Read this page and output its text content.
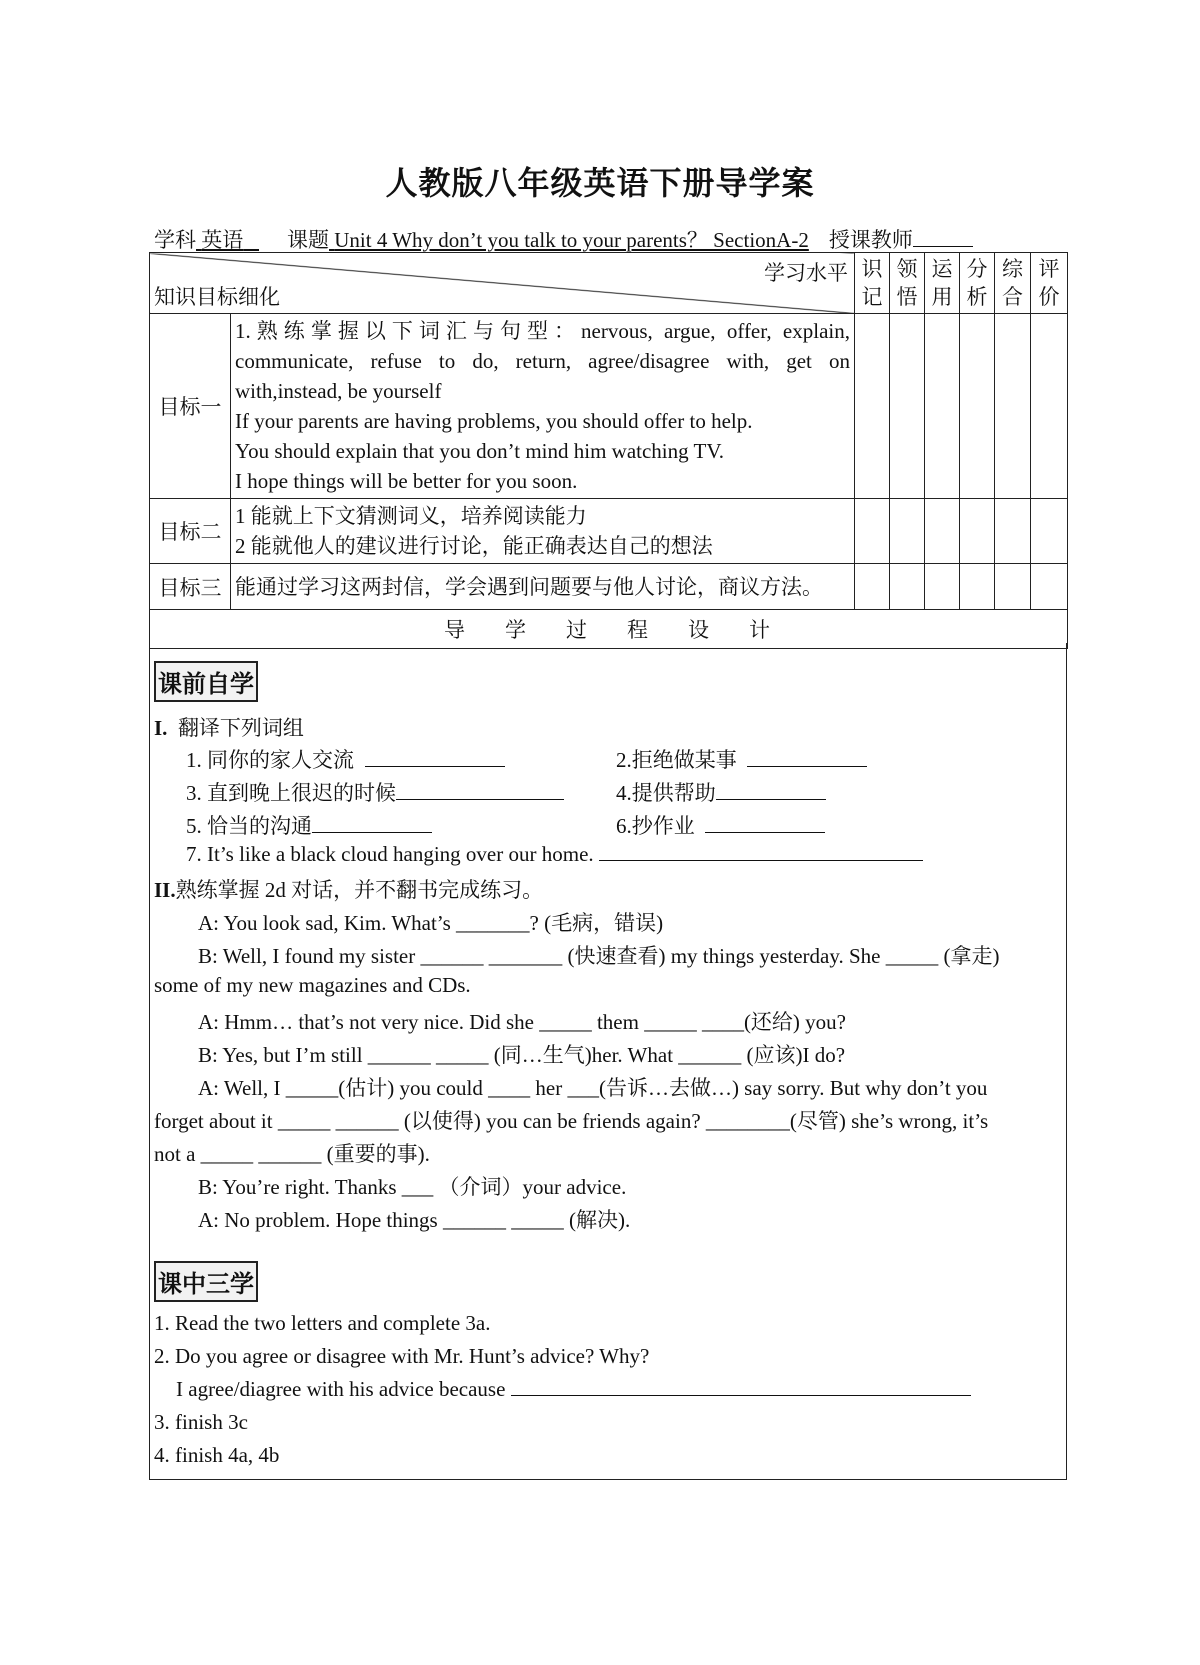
人教版八年级英语下册导学案
学科 英语 课题 Unit 4 Why don’t you talk to your parents？ SectionA-2 授课教师
学习水平
知识目标细化		识记	领悟	运用	分析	综合	评价
目标一	1.熟练掌握以下词汇与句型：nervous, argue, offer, explain, communicate, refuse to do, return, agree/disagree with, get on with,instead, be yourself
If your parents are having problems, you should offer to help.
You should explain that you don’t mind him watching TV.
I hope things will be better for you soon.						

目标二	1 能就上下文猜测词义，培养阅读能力
2 能就他人的建议进行讨论，能正确表达自己的想法						

目标三	能通过学习这两封信，学会遇到问题要与他人讨论，商议方法。						
导学过程设计							
课前自学
I. 翻译下列词组
1. 同你的家人交流	2.拒绝做某事
3. 直到晚上很迟的时候	4.提供帮助
5. 恰当的沟通	6.抄作业
7. It’s like a black cloud hanging over our home.
II.熟练掌握 2d 对话，并不翻书完成练习。
A: You look sad, Kim. What’s _______? (毛病，错误)
B: Well, I found my sister ______ _______ (快速查看) my things yesterday. She _____ (拿走)
some of my new magazines and CDs.
A: Hmm… that’s not very nice. Did she _____ them _____ ____(还给) you?
B: Yes, but I’m still ______ _____ (同…生气)her. What ______ (应该)I do?
A: Well, I _____(估计) you could ____ her ___(告诉…去做…) say sorry. But why don’t you
forget about it _____ ______ (以使得) you can be friends again? ________(尽管) she’s wrong, it’s
not a _____ ______ (重要的事).
B: You’re right. Thanks ___ （介词）your advice.
A: No problem. Hope things ______ _____ (解决).
课中三学
1. Read the two letters and complete 3a.
2. Do you agree or disagree with Mr. Hunt’s advice? Why?
I agree/diagree with his advice because
3. finish 3c
4. finish 4a, 4b
